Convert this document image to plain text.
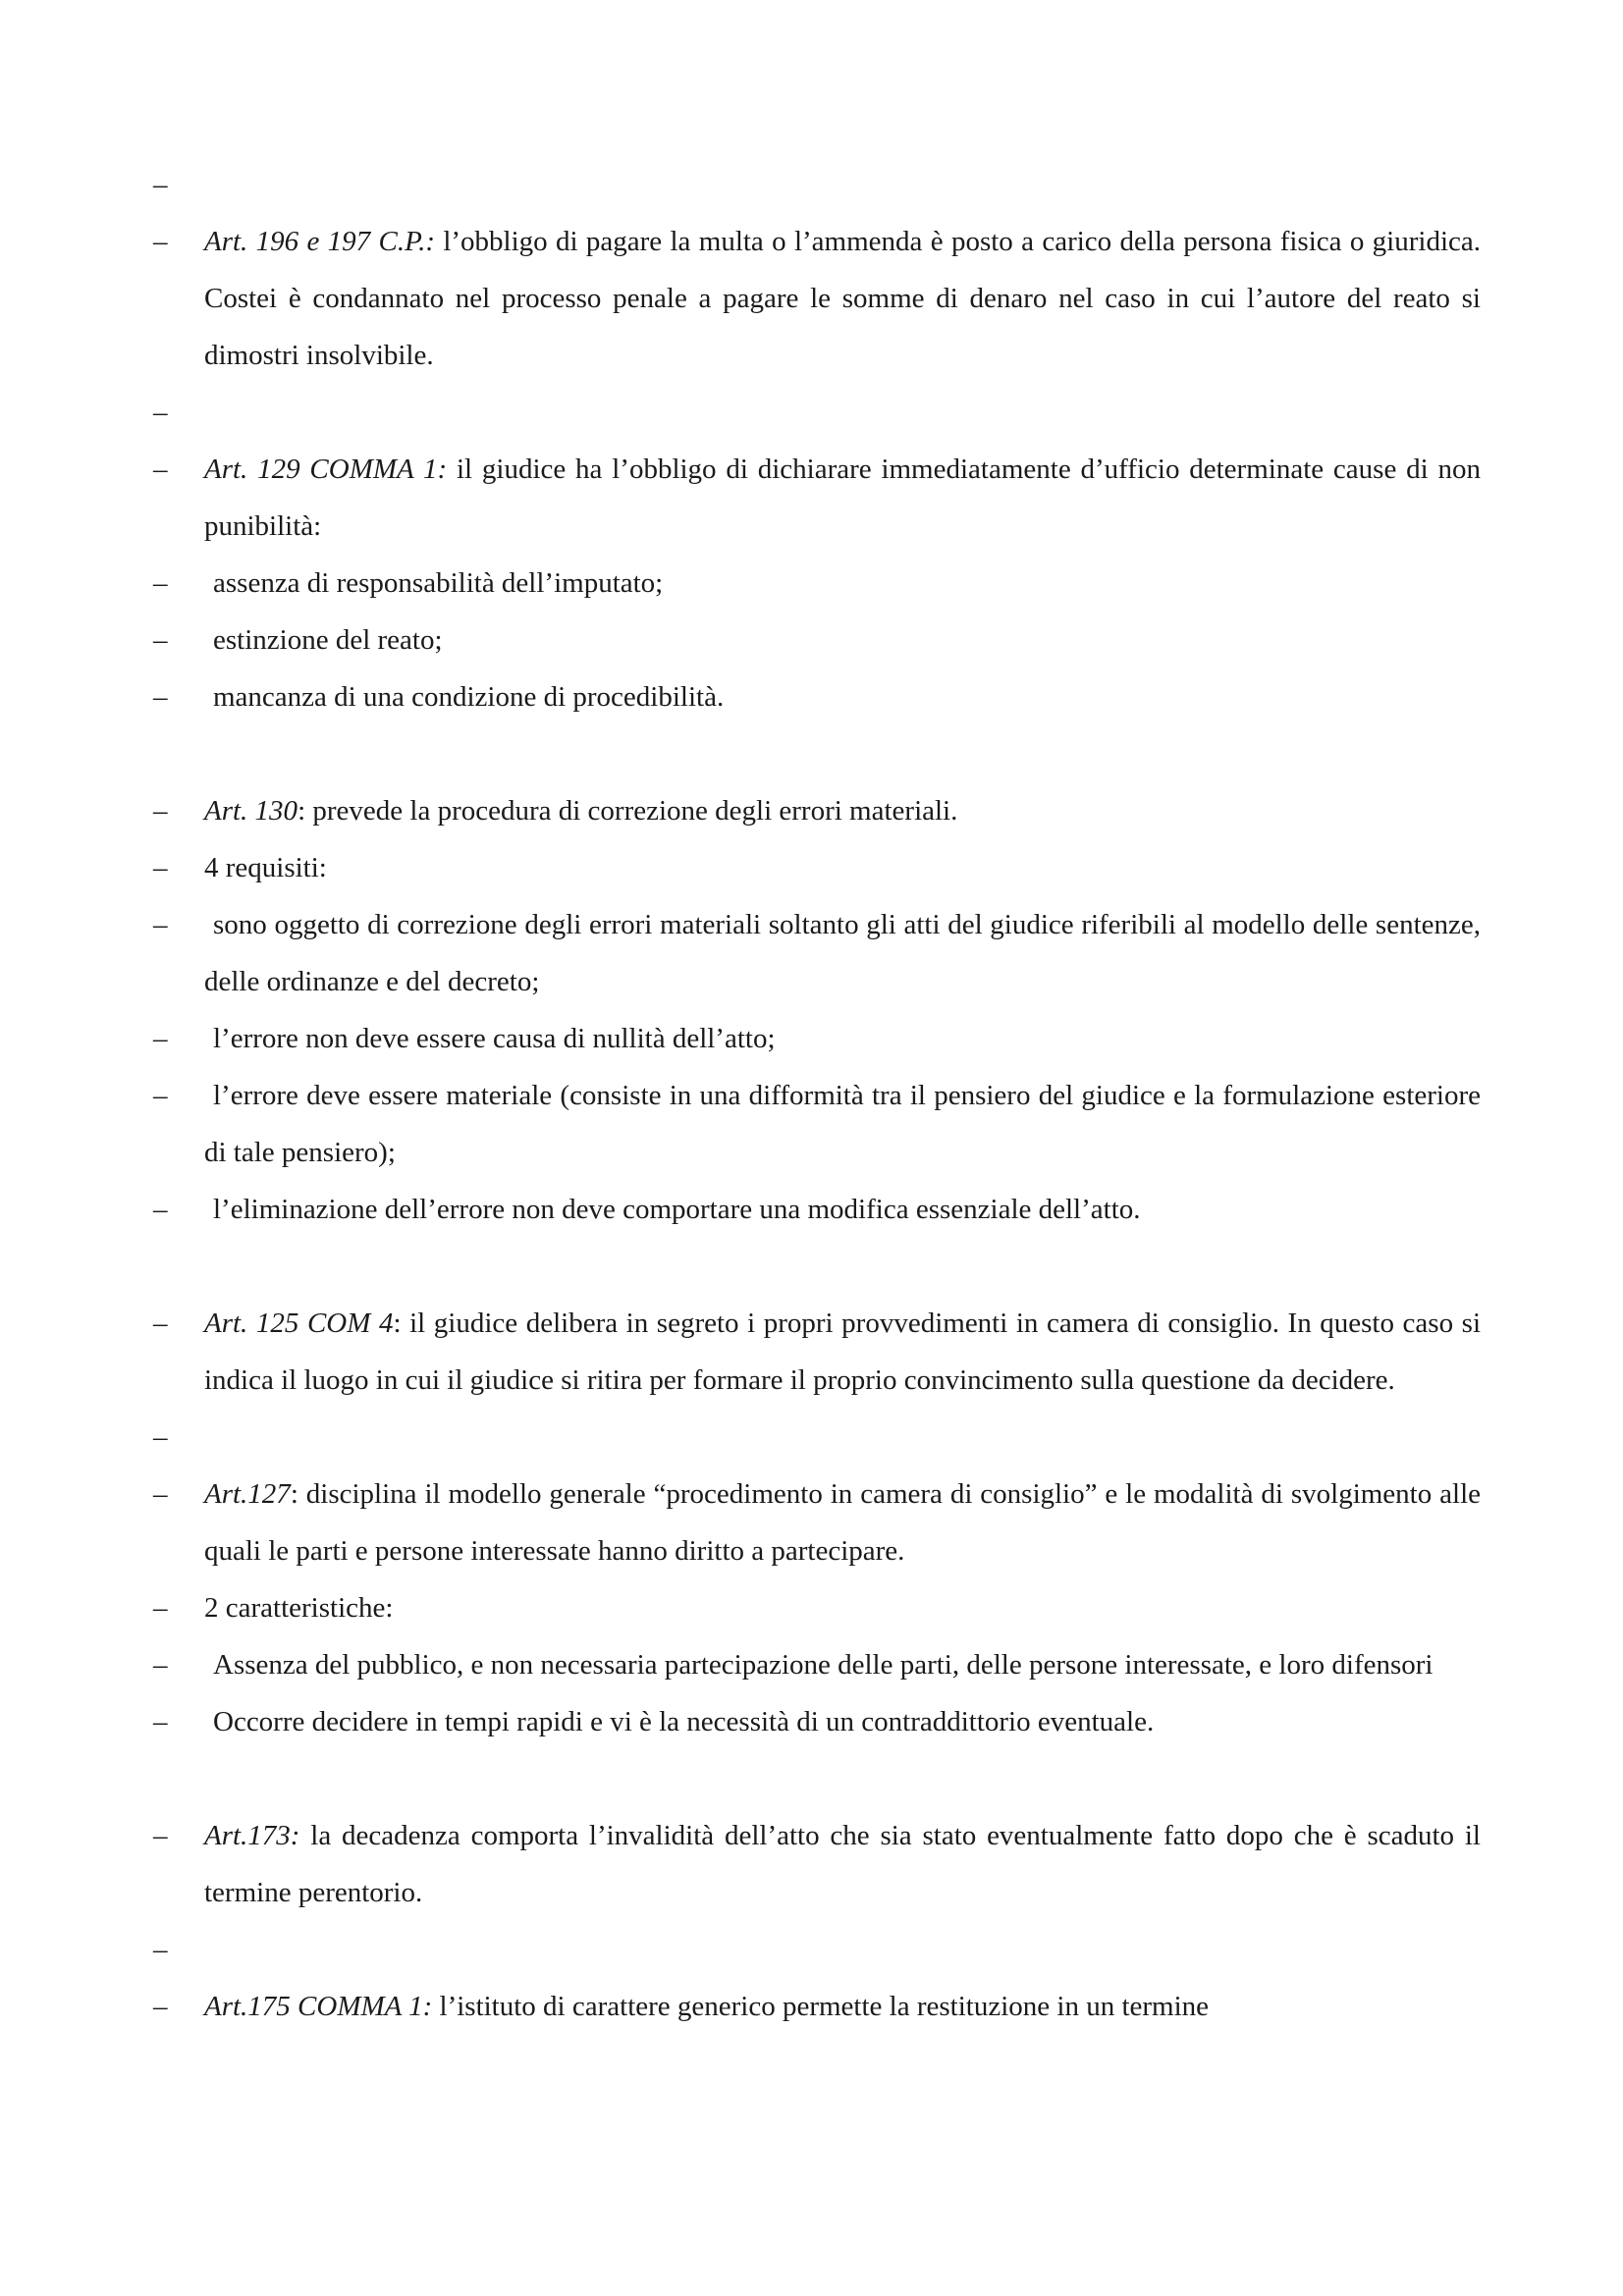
–
–	Art. 196 e 197 C.P.: l’obbligo di pagare la multa o l’ammenda è posto a carico della persona fisica o giuridica. Costei è condannato nel processo penale a pagare le somme di denaro nel caso in cui l’autore del reato si dimostri insolvibile.
–
–	Art. 129 COMMA 1: il giudice ha l’obbligo di dichiarare immediatamente d’ufficio determinate cause di non punibilità:
–	assenza di responsabilità dell’imputato;
–	estinzione del reato;
–	mancanza di una condizione di procedibilità.
–	Art. 130: prevede la procedura di correzione degli errori materiali.
–	4 requisiti:
–	sono oggetto di correzione degli errori materiali soltanto gli atti del giudice riferibili al modello delle sentenze, delle ordinanze e del decreto;
–	l’errore non deve essere causa di nullità dell’atto;
–	l’errore deve essere materiale (consiste in una difformità tra il pensiero del giudice e la formulazione esteriore di tale pensiero);
–	l’eliminazione dell’errore non deve comportare una modifica essenziale dell’atto.
–	Art. 125 COM 4: il giudice delibera in segreto i propri provvedimenti in camera di consiglio. In questo caso si indica il luogo in cui il giudice si ritira per formare il proprio convincimento sulla questione da decidere.
–
–	Art.127: disciplina il modello generale “procedimento in camera di consiglio” e le modalità di svolgimento alle quali le parti e persone interessate hanno diritto a partecipare.
–	2 caratteristiche:
–	Assenza del pubblico, e non necessaria partecipazione delle parti, delle persone interessate, e loro difensori
–	Occorre decidere in tempi rapidi e vi è la necessità di un contraddittorio eventuale.
–	Art.173: la decadenza comporta l’invalidità dell’atto che sia stato eventualmente fatto dopo che è scaduto il termine perentorio.
–
–	Art.175 COMMA 1: l’istituto di carattere generico permette la restituzione in un termine
